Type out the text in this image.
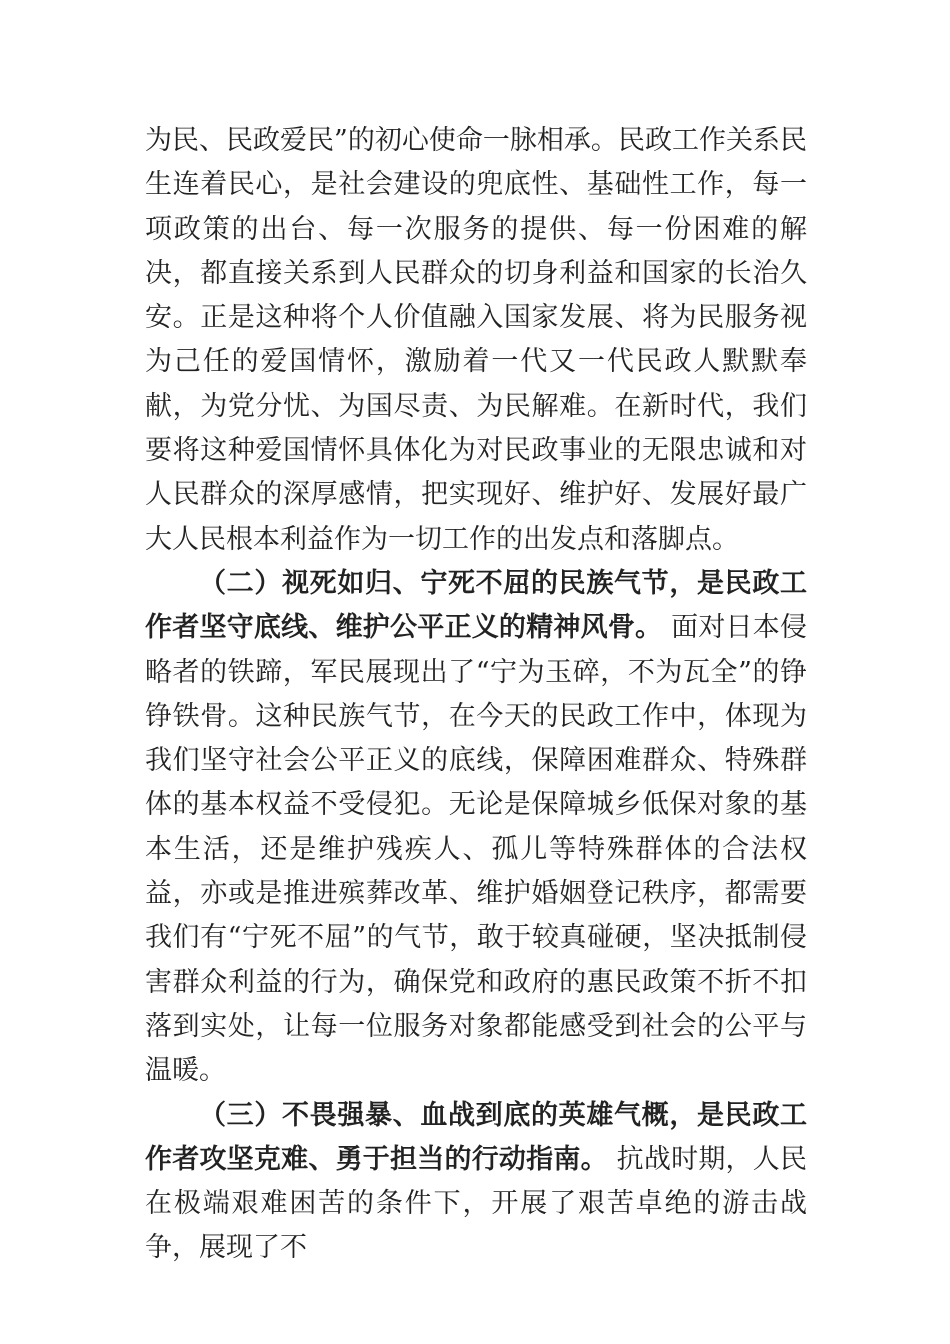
为民、民政爱民”的初心使命一脉相承。民政工作关系民生连着民心，是社会建设的兜底性、基础性工作，每一项政策的出台、每一次服务的提供、每一份困难的解决，都直接关系到人民群众的切身利益和国家的长治久安。正是这种将个人价值融入国家发展、将为民服务视为己任的爱国情怀，激励着一代又一代民政人默默奉献，为党分忧、为国尽责、为民解难。在新时代，我们要将这种爱国情怀具体化为对民政事业的无限忠诚和对人民群众的深厚感情，把实现好、维护好、发展好最广大人民根本利益作为一切工作的出发点和落脚点。

（二）视死如归、宁死不屈的民族气节，是民政工作者坚守底线、维护公平正义的精神风骨。 面对日本侵略者的铁蹄，军民展现出了“宁为玉碎，不为瓦全”的铮铮铁骨。这种民族气节，在今天的民政工作中，体现为我们坚守社会公平正义的底线，保障困难群众、特殊群体的基本权益不受侵犯。无论是保障城乡低保对象的基本生活，还是维护残疾人、孤儿等特殊群体的合法权益，亦或是推进殡葬改革、维护婚姻登记秩序，都需要我们有“宁死不屈”的气节，敢于较真碰硬，坚决抵制侵害群众利益的行为，确保党和政府的惠民政策不折不扣落到实处，让每一位服务对象都能感受到社会的公平与温暖。

（三）不畏强暴、血战到底的英雄气概，是民政工作者攻坚克难、勇于担当的行动指南。 抗战时期，人民在极端艰难困苦的条件下，开展了艰苦卓绝的游击战争，展现了不
